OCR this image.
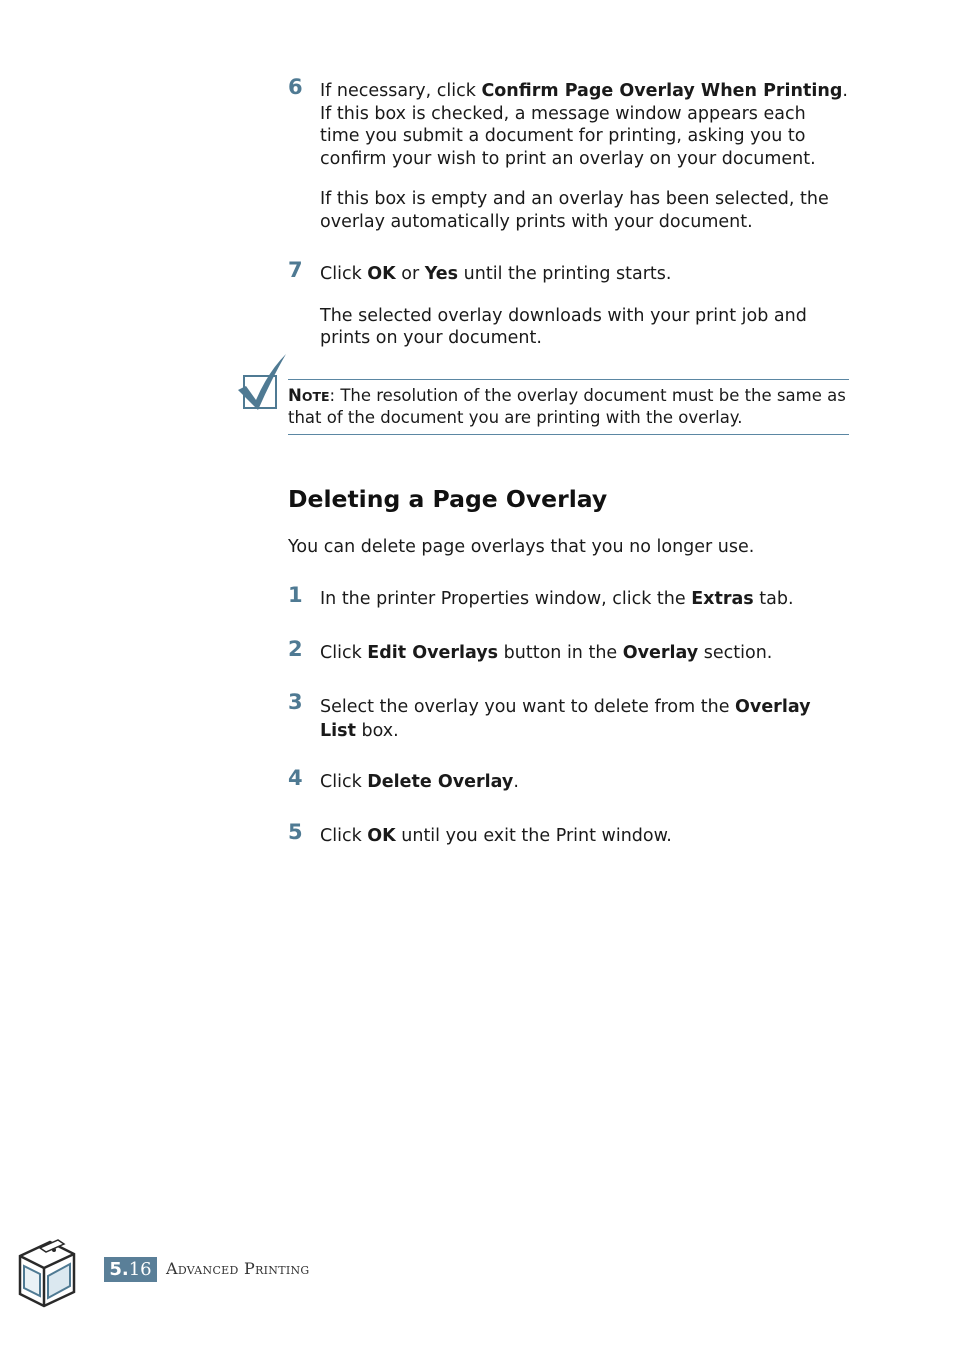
6 If necessary, click Confirm Page Overlay When Printing. If this box is checked, a message window appears each time you submit a document for printing, asking you to confirm your wish to print an overlay on your document.

If this box is empty and an overlay has been selected, the overlay automatically prints with your document.

7 Click OK or Yes until the printing starts.

The selected overlay downloads with your print job and prints on your document.

NOTE: The resolution of the overlay document must be the same as that of the document you are printing with the overlay.
Deleting a Page Overlay
You can delete page overlays that you no longer use.
1 In the printer Properties window, click the Extras tab.

2 Click Edit Overlays button in the Overlay section.

3 Select the overlay you want to delete from the Overlay List box.

4 Click Delete Overlay.

5 Click OK until you exit the Print window.

5.16 Advanced Printing
